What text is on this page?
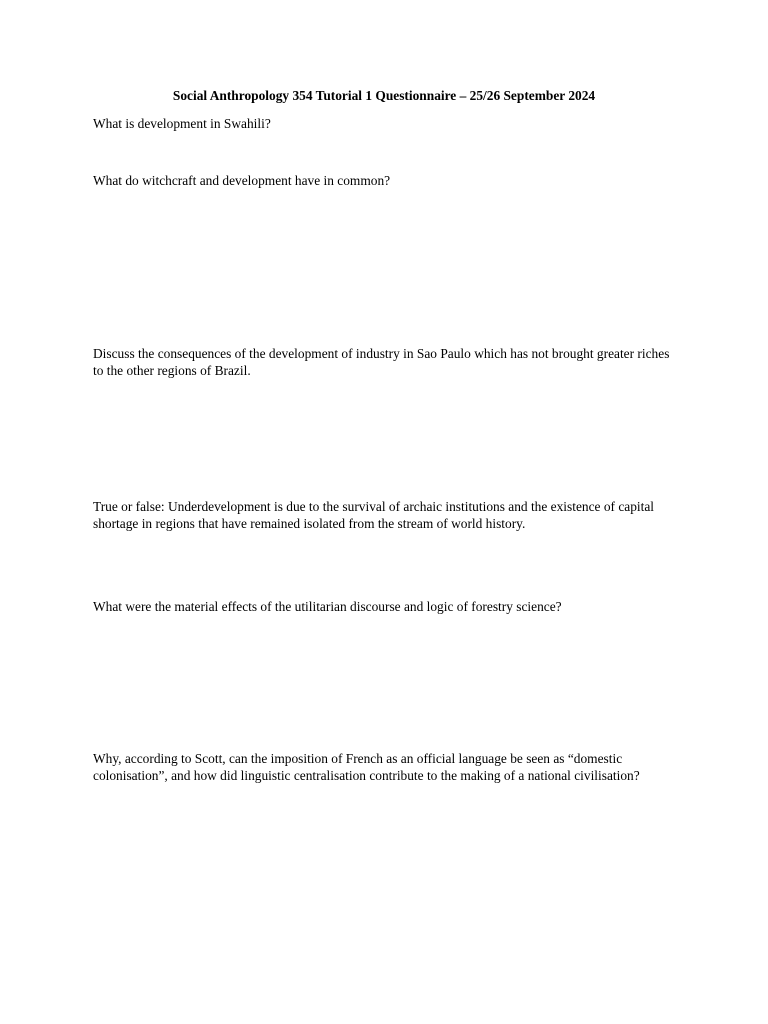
Social Anthropology 354 Tutorial 1 Questionnaire – 25/26 September 2024

What is development in Swahili?

What do witchcraft and development have in common?

Discuss the consequences of the development of industry in Sao Paulo which has not brought greater riches to the other regions of Brazil.

True or false: Underdevelopment is due to the survival of archaic institutions and the existence of capital shortage in regions that have remained isolated from the stream of world history.

What were the material effects of the utilitarian discourse and logic of forestry science?

Why, according to Scott, can the imposition of French as an official language be seen as “domestic colonisation”, and how did linguistic centralisation contribute to the making of a national civilisation?
